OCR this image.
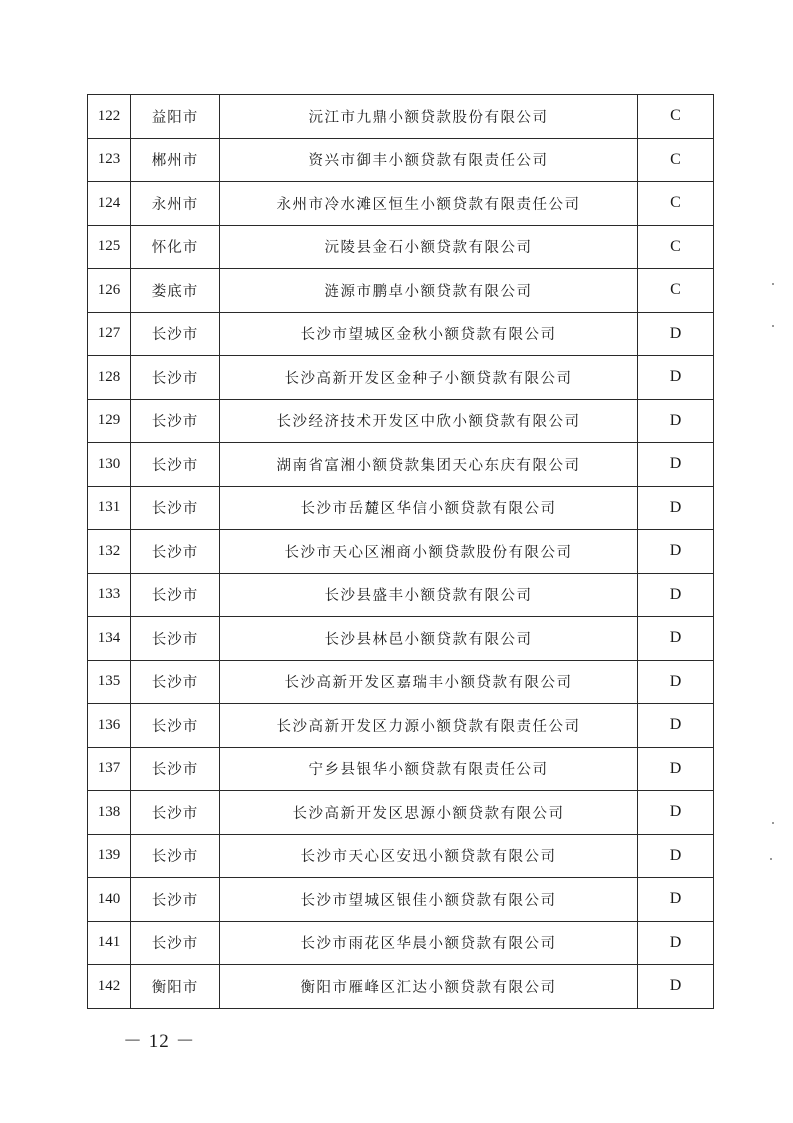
122	益阳市	沅江市九鼎小额贷款股份有限公司	C
123	郴州市	资兴市御丰小额贷款有限责任公司	C
124	永州市	永州市冷水滩区恒生小额贷款有限责任公司	C
125	怀化市	沅陵县金石小额贷款有限公司	C
126	娄底市	涟源市鹏卓小额贷款有限公司	C
127	长沙市	长沙市望城区金秋小额贷款有限公司	D
128	长沙市	长沙高新开发区金种子小额贷款有限公司	D
129	长沙市	长沙经济技术开发区中欣小额贷款有限公司	D
130	长沙市	湖南省富湘小额贷款集团天心东庆有限公司	D
131	长沙市	长沙市岳麓区华信小额贷款有限公司	D
132	长沙市	长沙市天心区湘商小额贷款股份有限公司	D
133	长沙市	长沙县盛丰小额贷款有限公司	D
134	长沙市	长沙县林邑小额贷款有限公司	D
135	长沙市	长沙高新开发区嘉瑞丰小额贷款有限公司	D
136	长沙市	长沙高新开发区力源小额贷款有限责任公司	D
137	长沙市	宁乡县银华小额贷款有限责任公司	D
138	长沙市	长沙高新开发区思源小额贷款有限公司	D
139	长沙市	长沙市天心区安迅小额贷款有限公司	D
140	长沙市	长沙市望城区银佳小额贷款有限公司	D
141	长沙市	长沙市雨花区华晨小额贷款有限公司	D
142	衡阳市	衡阳市雁峰区汇达小额贷款有限公司	D
－ 12 －
